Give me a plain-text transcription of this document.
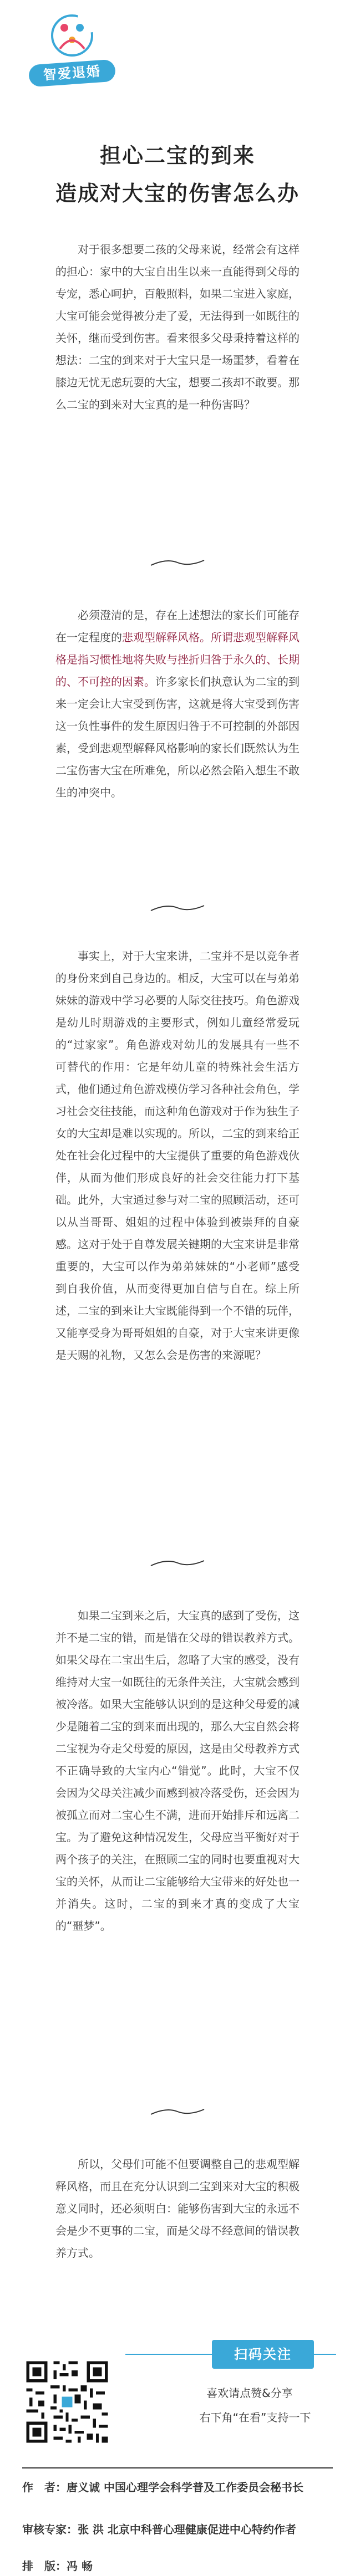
智爱退婚
担心二宝的到来
造成对大宝的伤害怎么办

对于很多想要二孩的父母来说，经常会有这样的担心：家中的大宝自出生以来一直能得到父母的专宠，悉心呵护，百般照料，如果二宝进入家庭，大宝可能会觉得被分走了爱，无法得到一如既往的关怀，继而受到伤害。看来很多父母秉持着这样的想法：二宝的到来对于大宝只是一场噩梦，看着在膝边无忧无虑玩耍的大宝，想要二孩却不敢要。那么二宝的到来对大宝真的是一种伤害吗？

必须澄清的是，存在上述想法的家长们可能存在一定程度的悲观型解释风格。所谓悲观型解释风格是指习惯性地将失败与挫折归咎于永久的、长期的、不可控的因素。许多家长们执意认为二宝的到来一定会让大宝受到伤害，这就是将大宝受到伤害这一负性事件的发生原因归咎于不可控制的外部因素，受到悲观型解释风格影响的家长们既然认为生二宝伤害大宝在所难免，所以必然会陷入想生不敢生的冲突中。

事实上，对于大宝来讲，二宝并不是以竞争者的身份来到自己身边的。相反，大宝可以在与弟弟妹妹的游戏中学习必要的人际交往技巧。角色游戏是幼儿时期游戏的主要形式，例如儿童经常爱玩的“过家家”。角色游戏对幼儿的发展具有一些不可替代的作用：它是年幼儿童的特殊社会生活方式，他们通过角色游戏模仿学习各种社会角色，学习社会交往技能，而这种角色游戏对于作为独生子女的大宝却是难以实现的。所以，二宝的到来给正处在社会化过程中的大宝提供了重要的角色游戏伙伴，从而为他们形成良好的社会交往能力打下基础。此外，大宝通过参与对二宝的照顾活动，还可以从当哥哥、姐姐的过程中体验到被崇拜的自豪感。这对于处于自尊发展关键期的大宝来讲是非常重要的，大宝可以作为弟弟妹妹的“小老师”感受到自我价值，从而变得更加自信与自在。综上所述，二宝的到来让大宝既能得到一个不错的玩伴，又能享受身为哥哥姐姐的自豪，对于大宝来讲更像是天赐的礼物，又怎么会是伤害的来源呢？

如果二宝到来之后，大宝真的感到了受伤，这并不是二宝的错，而是错在父母的错误教养方式。如果父母在二宝出生后，忽略了大宝的感受，没有维持对大宝一如既往的无条件关注，大宝就会感到被冷落。如果大宝能够认识到的是这种父母爱的减少是随着二宝的到来而出现的，那么大宝自然会将二宝视为夺走父母爱的原因，这是由父母教养方式不正确导致的大宝内心“错觉”。此时，大宝不仅会因为父母关注减少而感到被冷落受伤，还会因为被孤立而对二宝心生不满，进而开始排斥和远离二宝。为了避免这种情况发生，父母应当平衡好对于两个孩子的关注，在照顾二宝的同时也要重视对大宝的关怀，从而让二宝能够给大宝带来的好处也一并消失。这时，二宝的到来才真的变成了大宝的“噩梦”。

所以，父母们可能不但要调整自己的悲观型解释风格，而且在充分认识到二宝到来对大宝的积极意义同时，还必须明白：能够伤害到大宝的永远不会是少不更事的二宝，而是父母不经意间的错误教养方式。

扫码关注
喜欢请点赞&分享
右下角“在看”支持一下

作　者：唐义诚 中国心理学会科学普及工作委员会秘书长

审核专家：张 洪 北京中科普心理健康促进中心特约作者

排　版：冯 畅
